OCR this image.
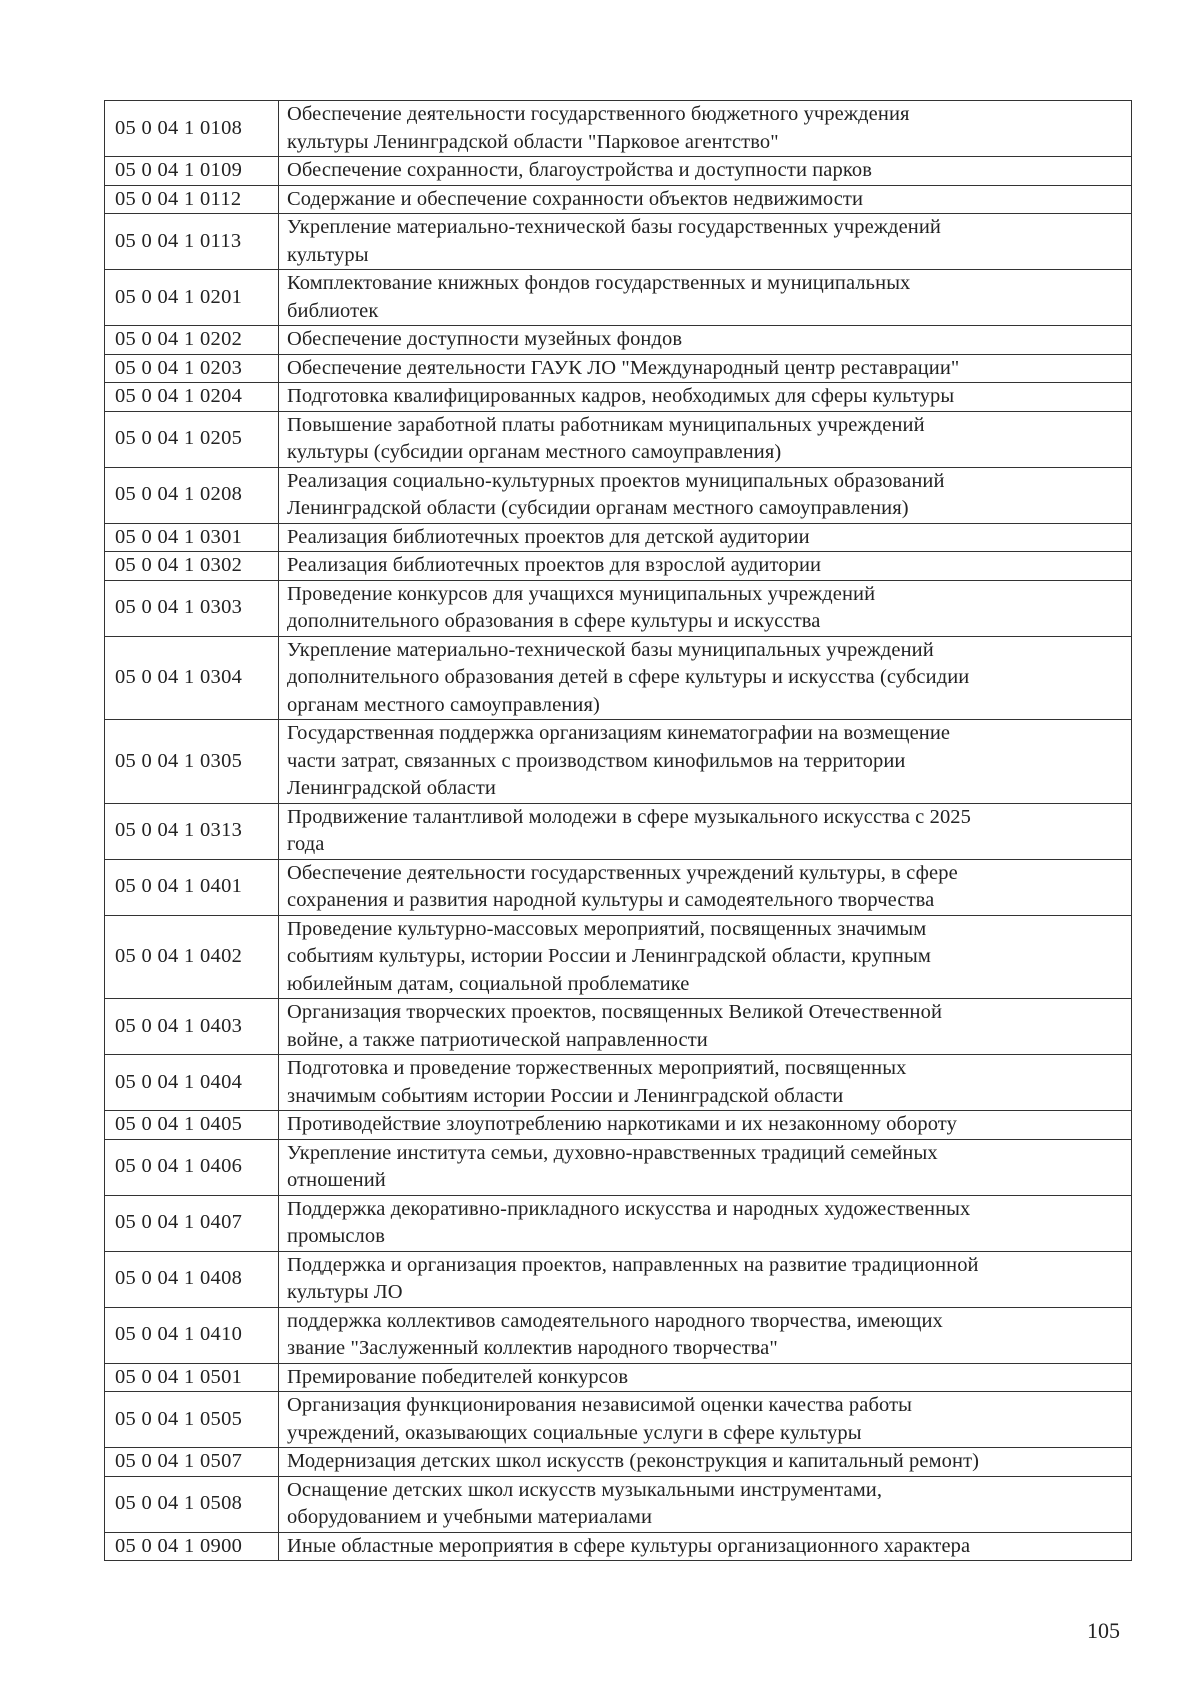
05 0 04 1 0108	Обеспечение деятельности государственного бюджетного учреждения
культуры Ленинградской области "Парковое агентство"
05 0 04 1 0109	Обеспечение сохранности, благоустройства и доступности парков
05 0 04 1 0112	Содержание и обеспечение сохранности объектов недвижимости
05 0 04 1 0113	Укрепление материально-технической базы государственных учреждений
культуры
05 0 04 1 0201	Комплектование книжных фондов государственных и муниципальных
библиотек
05 0 04 1 0202	Обеспечение доступности музейных фондов
05 0 04 1 0203	Обеспечение деятельности ГАУК ЛО "Международный центр реставрации"
05 0 04 1 0204	Подготовка квалифицированных кадров, необходимых для сферы культуры
05 0 04 1 0205	Повышение заработной платы работникам муниципальных учреждений
культуры (субсидии органам местного самоуправления)
05 0 04 1 0208	Реализация социально-культурных проектов муниципальных образований
Ленинградской области (субсидии органам местного самоуправления)
05 0 04 1 0301	Реализация библиотечных проектов для детской аудитории
05 0 04 1 0302	Реализация библиотечных проектов для взрослой аудитории
05 0 04 1 0303	Проведение конкурсов для учащихся муниципальных учреждений
дополнительного образования в сфере культуры и искусства
05 0 04 1 0304	Укрепление материально-технической базы муниципальных учреждений
дополнительного образования детей в сфере культуры и искусства (субсидии
органам местного самоуправления)
05 0 04 1 0305	Государственная поддержка организациям кинематографии на возмещение
части затрат, связанных с производством кинофильмов на территории
Ленинградской области
05 0 04 1 0313	Продвижение талантливой молодежи в сфере музыкального искусства с 2025
года
05 0 04 1 0401	Обеспечение деятельности государственных учреждений культуры, в сфере
сохранения и развития народной культуры и самодеятельного творчества
05 0 04 1 0402	Проведение культурно-массовых мероприятий, посвященных значимым
событиям культуры, истории России и Ленинградской области, крупным
юбилейным датам, социальной проблематике
05 0 04 1 0403	Организация творческих проектов, посвященных Великой Отечественной
войне, а также патриотической направленности
05 0 04 1 0404	Подготовка и проведение торжественных мероприятий, посвященных
значимым событиям истории России и Ленинградской области
05 0 04 1 0405	Противодействие злоупотреблению наркотиками и их незаконному обороту
05 0 04 1 0406	Укрепление института семьи, духовно-нравственных традиций семейных
отношений
05 0 04 1 0407	Поддержка декоративно-прикладного искусства и народных художественных
промыслов
05 0 04 1 0408	Поддержка и организация проектов, направленных на развитие традиционной
культуры ЛО
05 0 04 1 0410	поддержка коллективов самодеятельного народного творчества, имеющих
звание "Заслуженный коллектив народного творчества"
05 0 04 1 0501	Премирование победителей конкурсов
05 0 04 1 0505	Организация функционирования независимой оценки качества работы
учреждений, оказывающих социальные услуги в сфере культуры
05 0 04 1 0507	Модернизация детских школ искусств (реконструкция и капитальный ремонт)
05 0 04 1 0508	Оснащение детских школ искусств музыкальными инструментами,
оборудованием и учебными материалами
05 0 04 1 0900	Иные областные мероприятия в сфере культуры организационного характера
105
